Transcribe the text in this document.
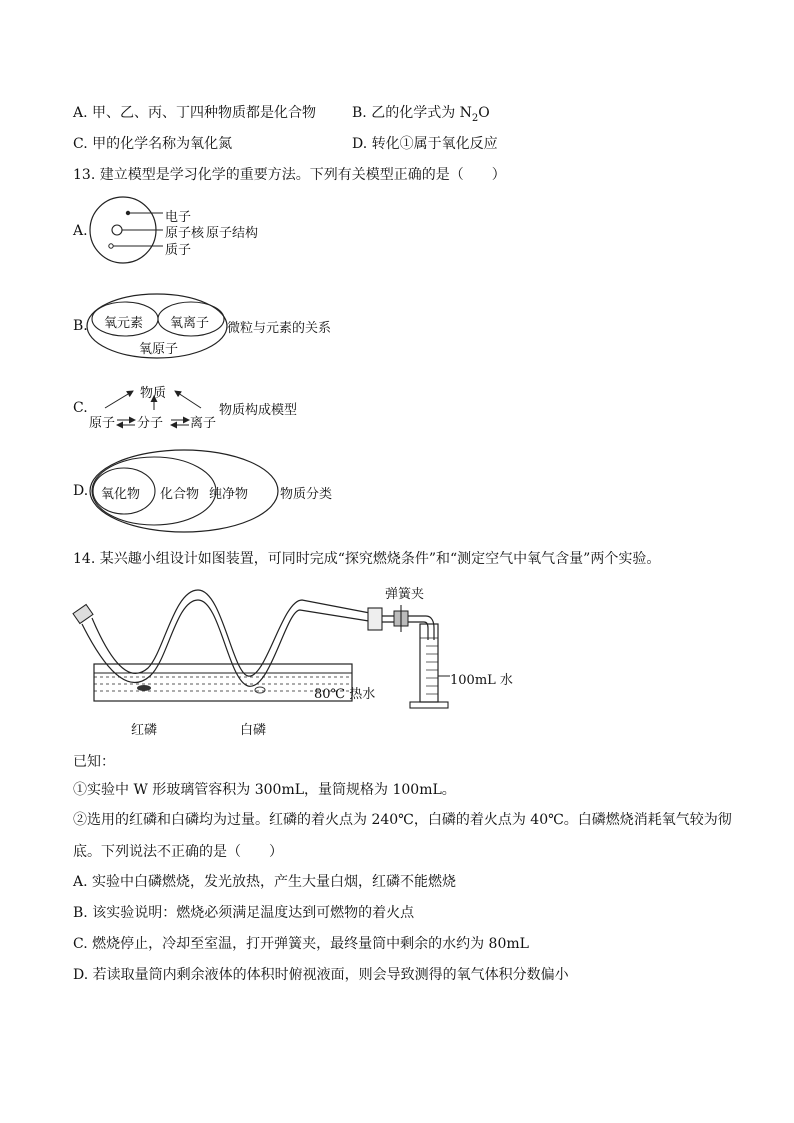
A. 甲、乙、丙、丁四种物质都是化合物	B. 乙的化学式为 $N_2O$
C. 甲的化学名称为氧化氮	D. 转化①属于氧化反应
13. 建立模型是学习化学的重要方法。下列有关模型正确的是（　　）
A.
电子
原子核 原子结构
质子
B. 氧元素 氧离子
氧原子
微粒与元素的关系
C.
物质
原子 分子 离子
物质构成模型
D. 氧化物 化合物 纯净物 物质分类
14. 某兴趣小组设计如图装置，可同时完成“探究燃烧条件”和“测定空气中氧气含量”两个实验。
弹簧夹
100mL 水
80℃ 热水
红磷	白磷
已知：
①实验中 W 形玻璃管容积为 300mL，量筒规格为 100mL。
②选用的红磷和白磷均为过量。红磷的着火点为 240℃，白磷的着火点为 40℃。白磷燃烧消耗氧气较为彻
底。下列说法不正确的是（　　）
A. 实验中白磷燃烧，发光放热，产生大量白烟，红磷不能燃烧
B. 该实验说明：燃烧必须满足温度达到可燃物的着火点
C. 燃烧停止，冷却至室温，打开弹簧夹，最终量筒中剩余的水约为 80mL
D. 若读取量筒内剩余液体的体积时俯视液面，则会导致测得的氧气体积分数偏小
